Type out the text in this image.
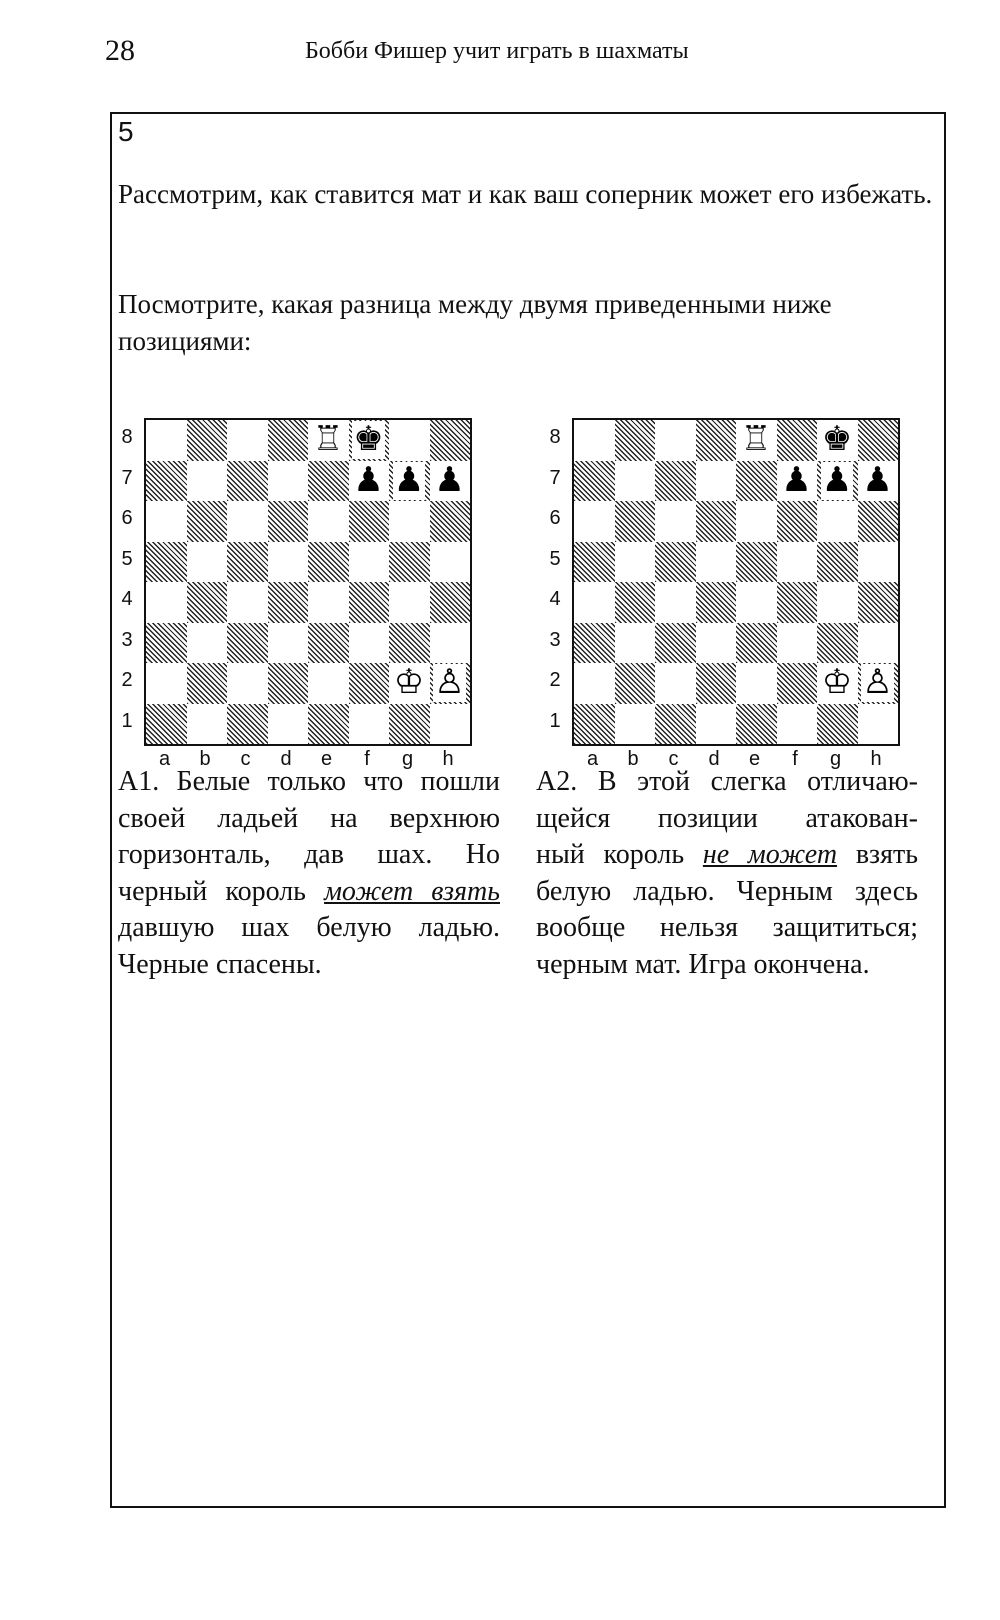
28	Бобби Фишер учит играть в шахматы
5
Рассмотрим, как ставится мат и как ваш соперник может его избежать.
Посмотрите, какая разница между двумя приведенными ниже позициями:
8
7
6
5
4
3
2
1
♖ ♚
♟ ♟ ♟
♔ ♙
a	b	c	d	e	f	g	h
8
7
6
5
4
3
2
1
♖ ♚
♟ ♟ ♟
♔ ♙
a	b	c	d	e	f	g	h
А1. Белые только что пошли
своей ладьей на верхнюю
горизонталь, дав шах. Но
черный король может взять
давшую шах белую ладью.
Черные спасены.
А2. В этой слегка отличаю-
щейся позиции атакован-
ный король не может взять
белую ладью. Черным здесь
вообще нельзя защититься;
черным мат. Игра окончена.
